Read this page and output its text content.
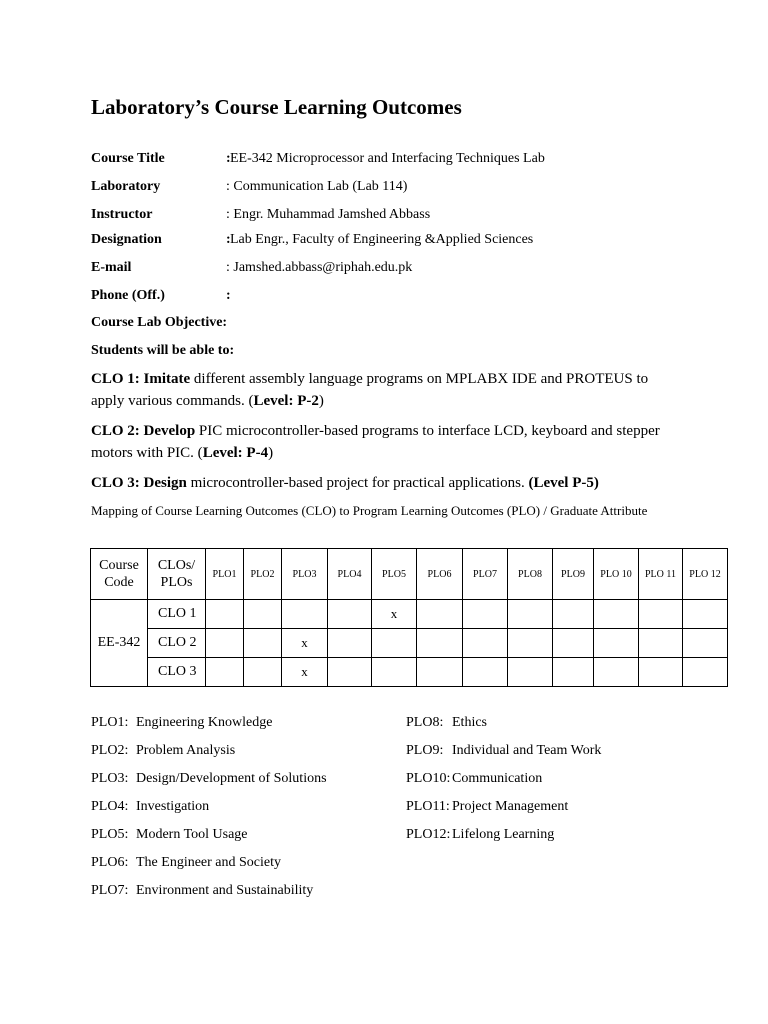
Laboratory’s Course Learning Outcomes
Course Title	: EE-342 Microprocessor and Interfacing Techniques Lab
Laboratory	: Communication Lab (Lab 114)
Instructor	: Engr. Muhammad Jamshed Abbass
Designation	: Lab Engr., Faculty of Engineering &Applied Sciences
E-mail	: Jamshed.abbass@riphah.edu.pk
Phone (Off.)	:
Course Lab Objective:
Students will be able to:
CLO 1: Imitate different assembly language programs on MPLABX IDE and PROTEUS to apply various commands. (Level: P-2)
CLO 2: Develop PIC microcontroller-based programs to interface LCD, keyboard and stepper motors with PIC. (Level: P-4)
CLO 3: Design microcontroller-based project for practical applications. (Level P-5)
Mapping of Course Learning Outcomes (CLO) to Program Learning Outcomes (PLO) / Graduate Attribute
Course Code	CLOs/ PLOs	PLO1	PLO2	PLO3	PLO4	PLO5	PLO6	PLO7	PLO8	PLO9	PLO 10	PLO 11	PLO 12
EE-342	CLO 1					x							
	CLO 2			x									
	CLO 3			x									
PLO1: Engineering Knowledge
PLO2: Problem Analysis
PLO3: Design/Development of Solutions
PLO4: Investigation
PLO5: Modern Tool Usage
PLO6: The Engineer and Society
PLO7: Environment and Sustainability
PLO8: Ethics
PLO9: Individual and Team Work
PLO10: Communication
PLO11: Project Management
PLO12: Lifelong Learning
